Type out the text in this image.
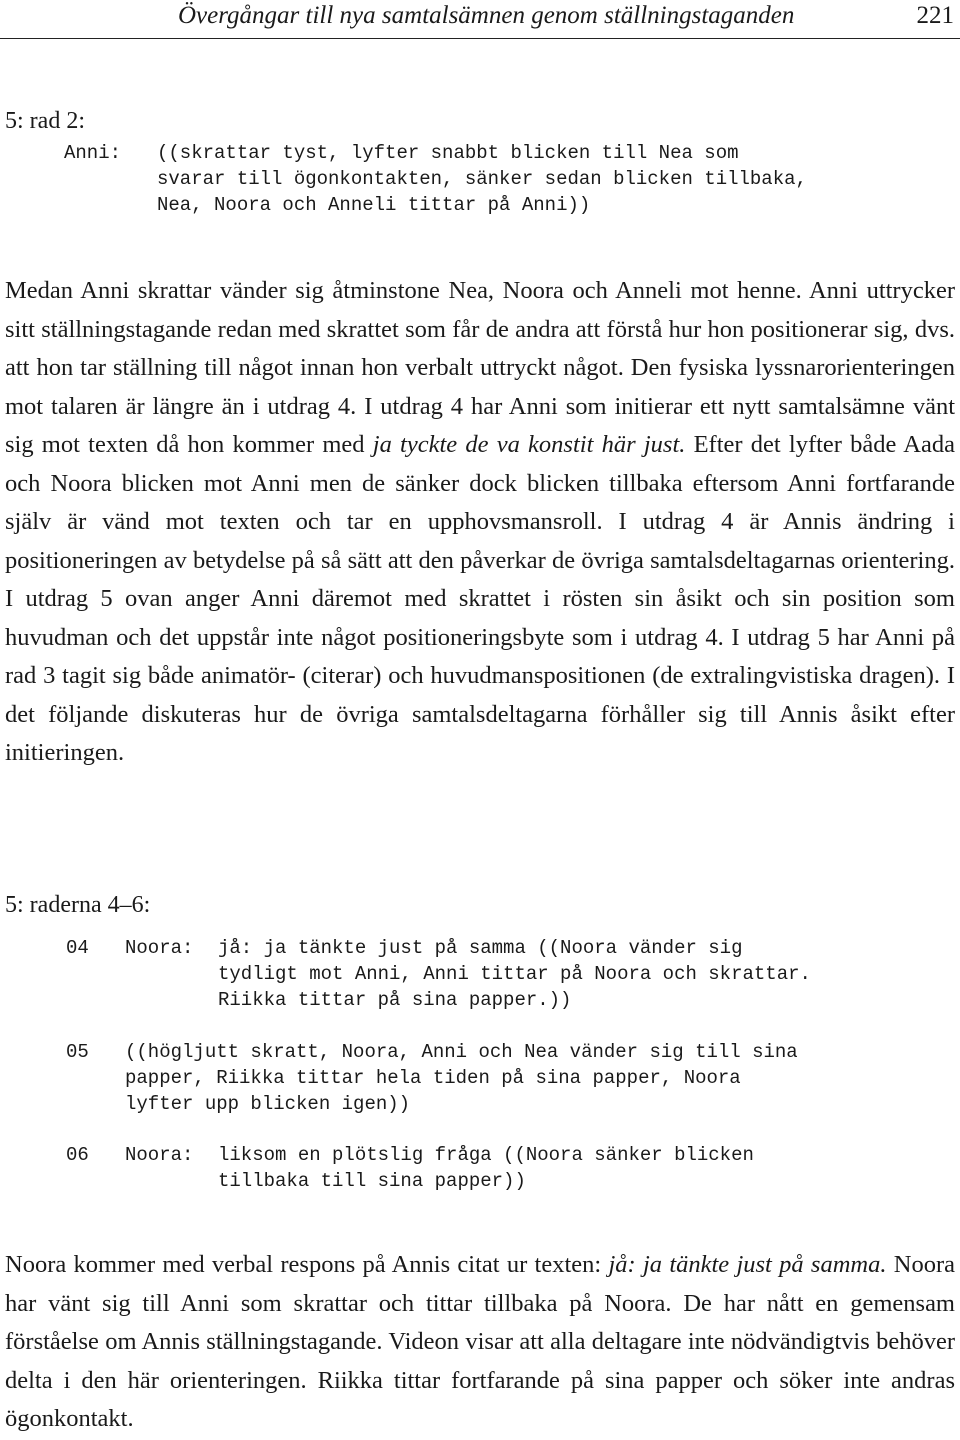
Övergångar till nya samtalsämnen genom ställningstaganden	221
5: rad 2:
Anni: ((skrattar tyst, lyfter snabbt blicken till Nea som
svarar till ögonkontakten, sänker sedan blicken tillbaka,
Nea, Noora och Anneli tittar på Anni))
Medan Anni skrattar vänder sig åtminstone Nea, Noora och Anneli mot henne. Anni uttrycker sitt ställningstagande redan med skrattet som får de andra att förstå hur hon positionerar sig, dvs. att hon tar ställning till något innan hon verbalt uttryckt något. Den fysiska lyssnarorienteringen mot talaren är längre än i utdrag 4. I utdrag 4 har Anni som initierar ett nytt samtalsämne vänt sig mot texten då hon kommer med ja tyckte de va konstit här just. Efter det lyfter både Aada och Noora blicken mot Anni men de sänker dock blicken tillbaka eftersom Anni fortfarande själv är vänd mot texten och tar en upphovsmansroll. I utdrag 4 är Annis ändring i positioneringen av betydelse på så sätt att den påverkar de övriga samtalsdeltagarnas orientering. I utdrag 5 ovan anger Anni däremot med skrattet i rösten sin åsikt och sin position som huvudman och det uppstår inte något positioneringsbyte som i utdrag 4. I utdrag 5 har Anni på rad 3 tagit sig både animatör- (citerar) och huvudmanspositionen (de extralingvistiska dragen). I det följande diskuteras hur de övriga samtalsdeltagarna förhåller sig till Annis åsikt efter initieringen.
5: raderna 4–6:
04 Noora: jå: ja tänkte just på samma ((Noora vänder sig
tydligt mot Anni, Anni tittar på Noora och skrattar.
Riikka tittar på sina papper.))
05 ((högljutt skratt, Noora, Anni och Nea vänder sig till sina
papper, Riikka tittar hela tiden på sina papper, Noora
lyfter upp blicken igen))
06 Noora: liksom en plötslig fråga ((Noora sänker blicken
tillbaka till sina papper))
Noora kommer med verbal respons på Annis citat ur texten: jå: ja tänkte just på samma. Noora har vänt sig till Anni som skrattar och tittar tillbaka på Noora. De har nått en gemensam förståelse om Annis ställningstagande. Videon visar att alla deltagare inte nödvändigtvis behöver delta i den här orienteringen. Riikka tittar fortfarande på sina papper och söker inte andras ögonkontakt.
